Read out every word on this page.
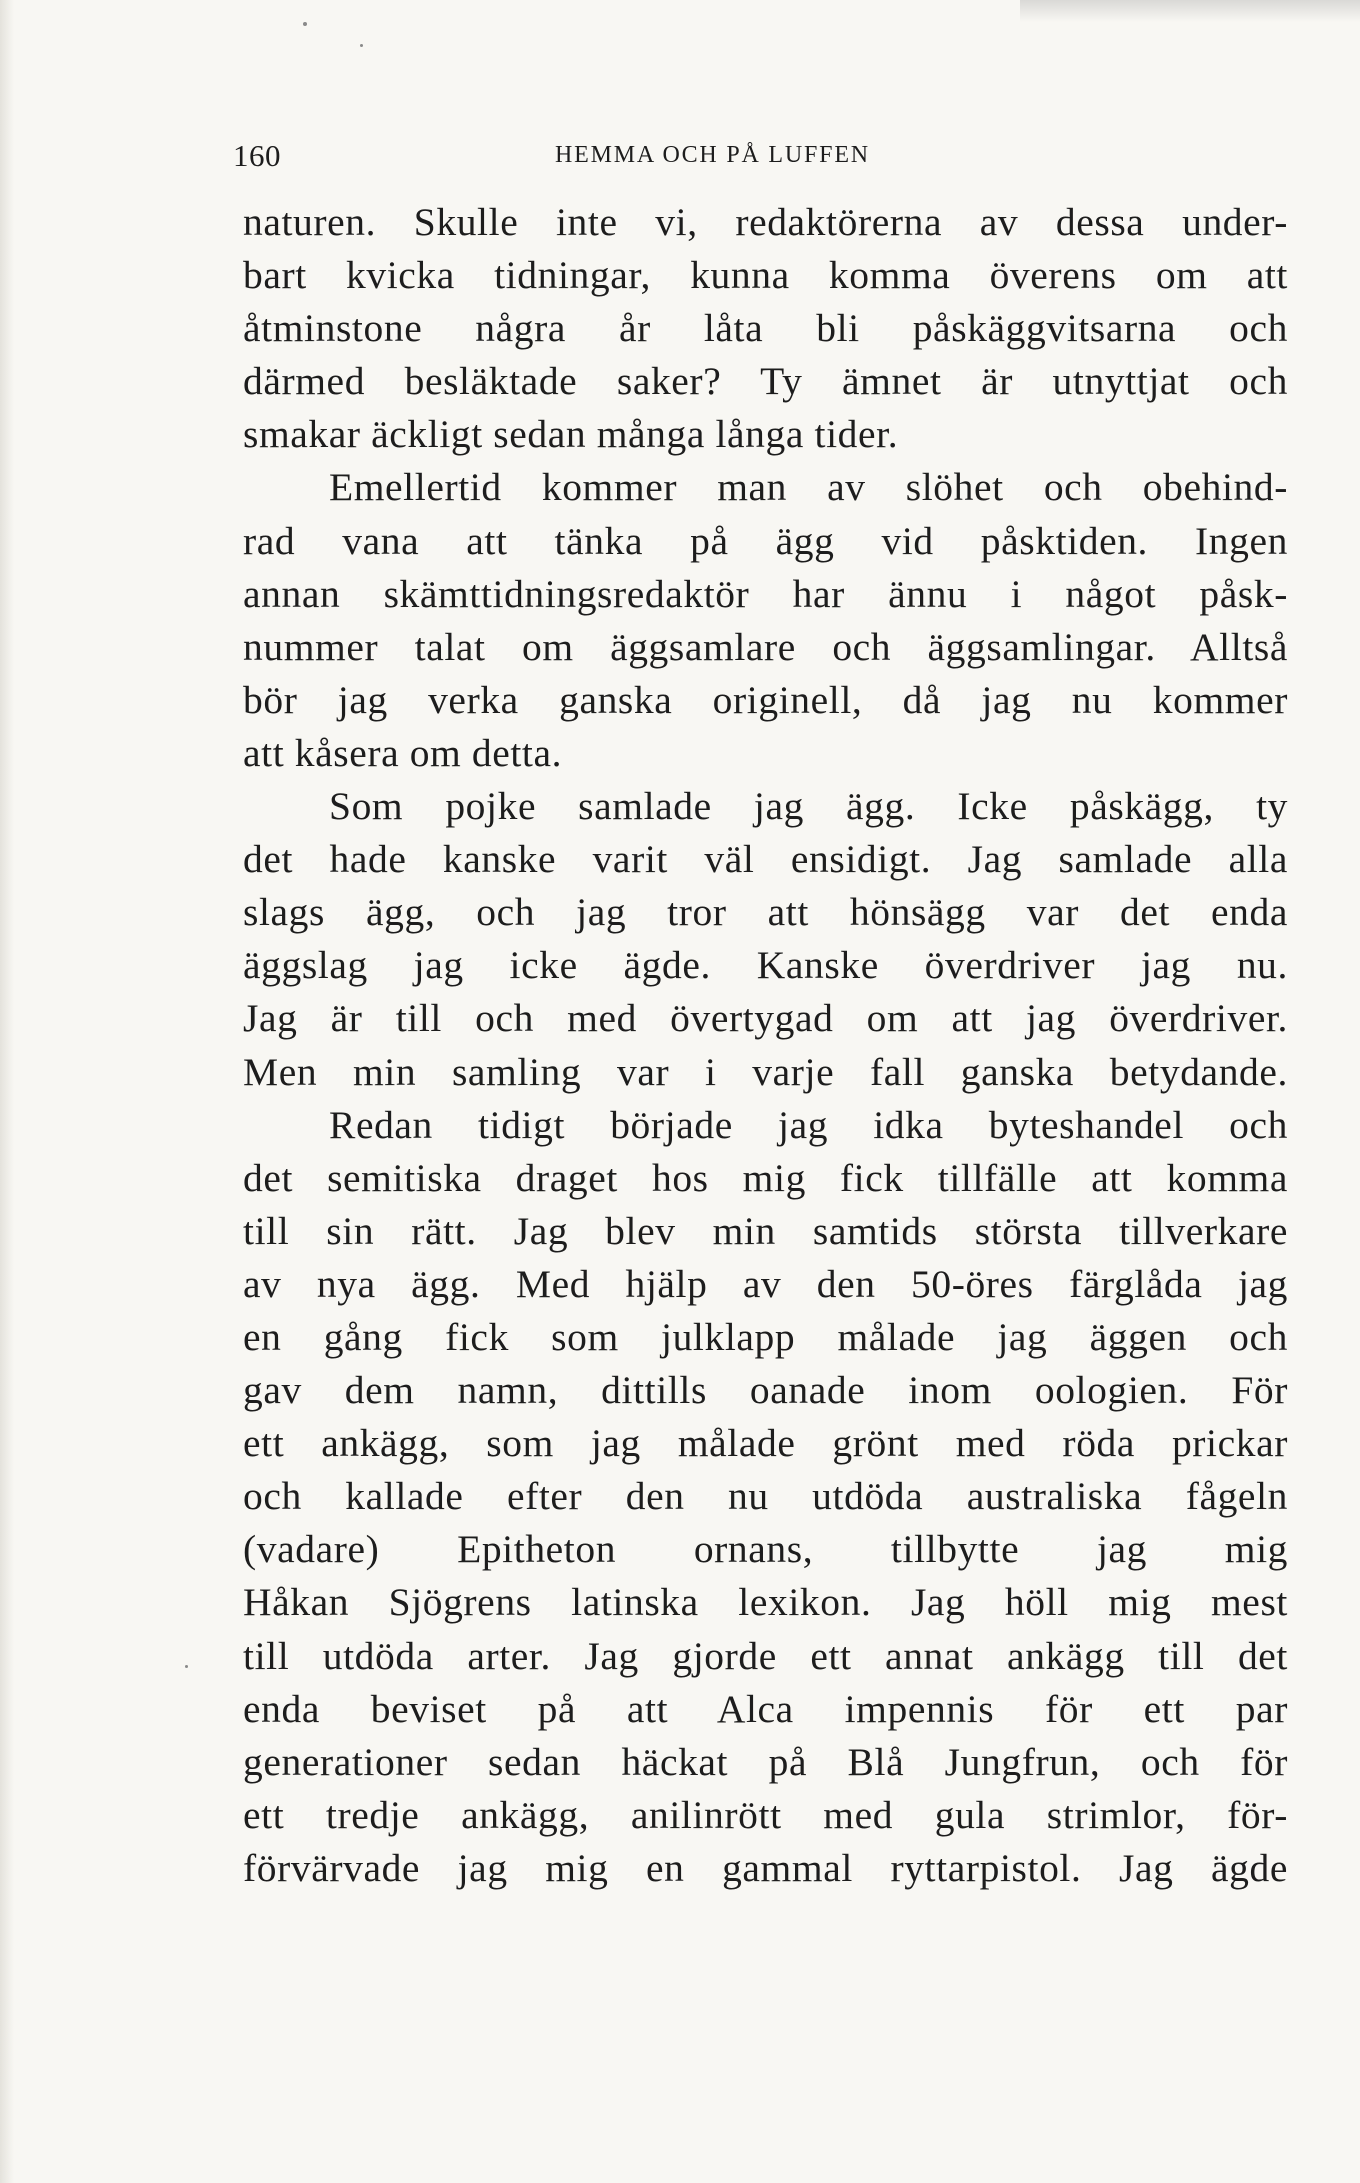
160	HEMMA OCH PÅ LUFFEN
naturen. Skulle inte vi, redaktörerna av dessa under-
bart kvicka tidningar, kunna komma överens om att
åtminstone några år låta bli påskäggvitsarna och
därmed besläktade saker? Ty ämnet är utnyttjat och
smakar äckligt sedan många långa tider.
Emellertid kommer man av slöhet och obehind-
rad vana att tänka på ägg vid påsktiden. Ingen
annan skämttidningsredaktör har ännu i något påsk-
nummer talat om äggsamlare och äggsamlingar. Alltså
bör jag verka ganska originell, då jag nu kommer
att kåsera om detta.
Som pojke samlade jag ägg. Icke påskägg, ty
det hade kanske varit väl ensidigt. Jag samlade alla
slags ägg, och jag tror att hönsägg var det enda
äggslag jag icke ägde. Kanske överdriver jag nu.
Jag är till och med övertygad om att jag överdriver.
Men min samling var i varje fall ganska betydande.
Redan tidigt började jag idka byteshandel och
det semitiska draget hos mig fick tillfälle att komma
till sin rätt. Jag blev min samtids största tillverkare
av nya ägg. Med hjälp av den 50-öres färglåda jag
en gång fick som julklapp målade jag äggen och
gav dem namn, dittills oanade inom oologien. För
ett ankägg, som jag målade grönt med röda prickar
och kallade efter den nu utdöda australiska fågeln
(vadare) Epitheton ornans, tillbytte jag mig
Håkan Sjögrens latinska lexikon. Jag höll mig mest
till utdöda arter. Jag gjorde ett annat ankägg till det
enda beviset på att Alca impennis för ett par
generationer sedan häckat på Blå Jungfrun, och för
ett tredje ankägg, anilinrött med gula strimlor, för-
förvärvade jag mig en gammal ryttarpistol. Jag ägde
